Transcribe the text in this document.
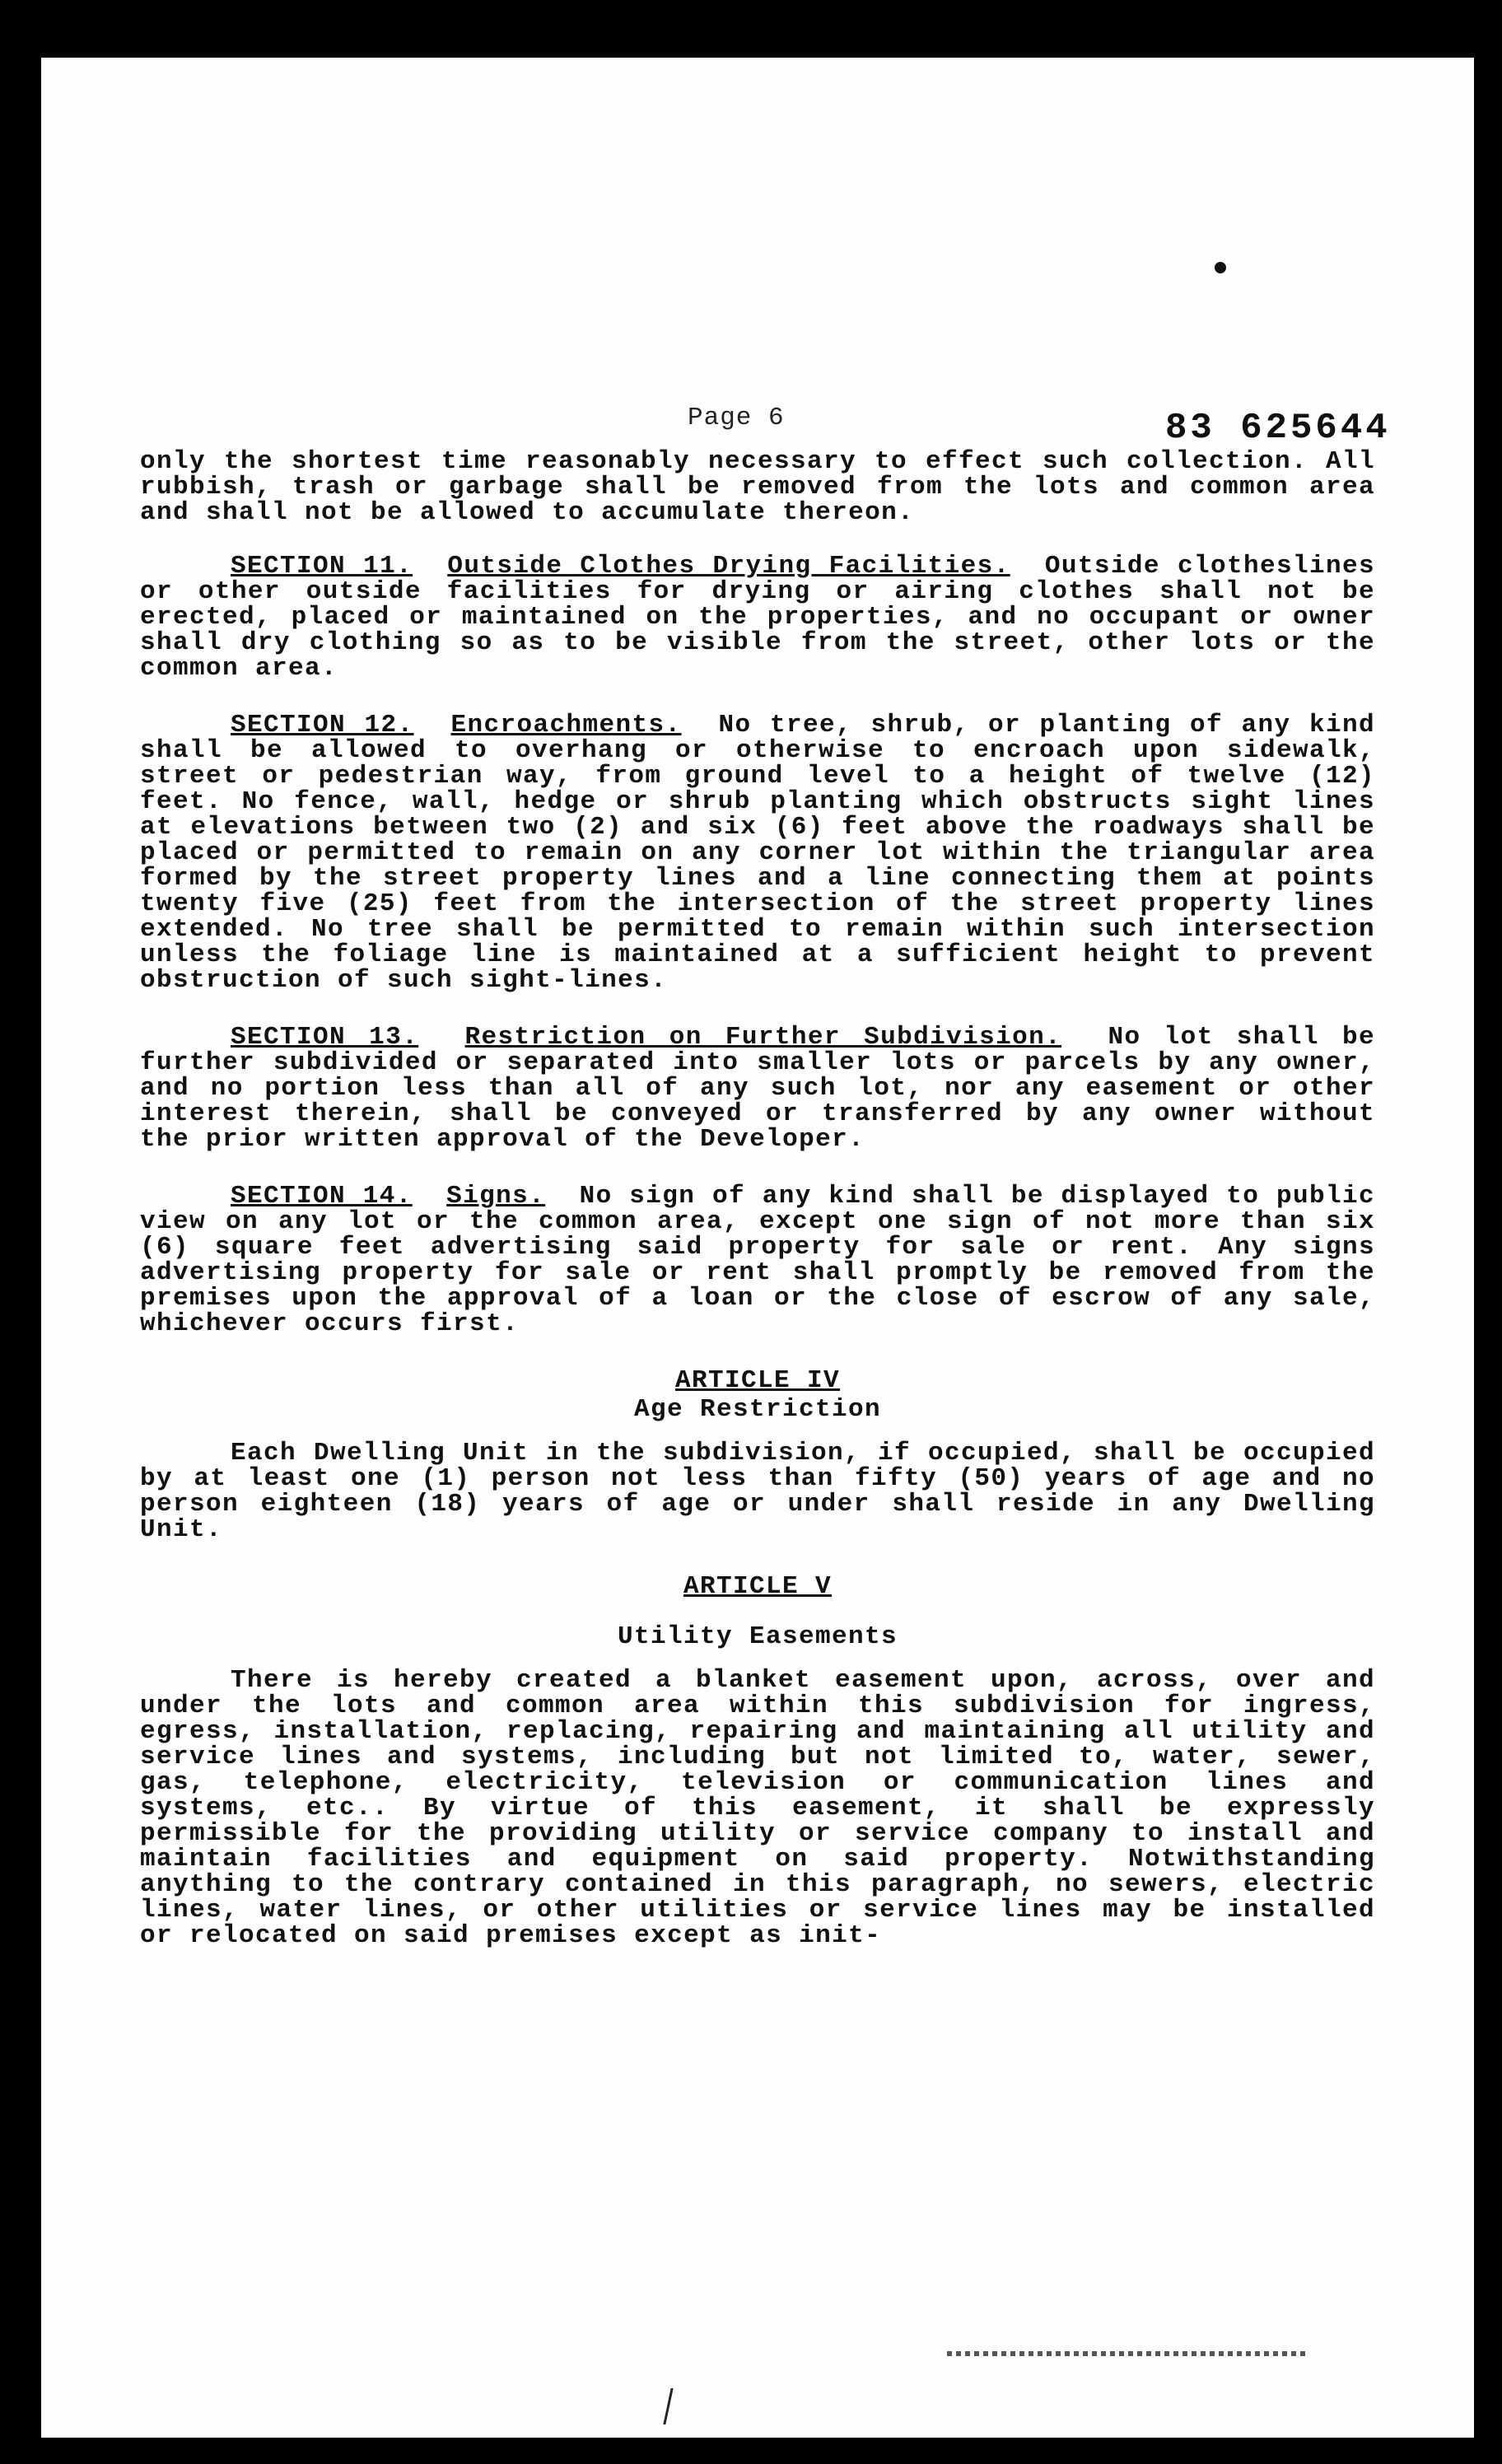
Page 6	83 625644

only the shortest time reasonably necessary to effect such collection. All rubbish, trash or garbage shall be removed from the lots and common area and shall not be allowed to accumulate thereon.

SECTION 11. Outside Clothes Drying Facilities. Outside clotheslines or other outside facilities for drying or airing clothes shall not be erected, placed or maintained on the properties, and no occupant or owner shall dry clothing so as to be visible from the street, other lots or the common area.

SECTION 12. Encroachments. No tree, shrub, or planting of any kind shall be allowed to overhang or otherwise to encroach upon sidewalk, street or pedestrian way, from ground level to a height of twelve (12) feet. No fence, wall, hedge or shrub planting which obstructs sight lines at elevations between two (2) and six (6) feet above the roadways shall be placed or permitted to remain on any corner lot within the triangular area formed by the street property lines and a line connecting them at points twenty five (25) feet from the intersection of the street property lines extended. No tree shall be permitted to remain within such intersection unless the foliage line is maintained at a sufficient height to prevent obstruction of such sight-lines.

SECTION 13. Restriction on Further Subdivision. No lot shall be further subdivided or separated into smaller lots or parcels by any owner, and no portion less than all of any such lot, nor any easement or other interest therein, shall be conveyed or transferred by any owner without the prior written approval of the Developer.

SECTION 14. Signs. No sign of any kind shall be displayed to public view on any lot or the common area, except one sign of not more than six (6) square feet advertising said property for sale or rent. Any signs advertising property for sale or rent shall promptly be removed from the premises upon the approval of a loan or the close of escrow of any sale, whichever occurs first.

ARTICLE IV
Age Restriction

Each Dwelling Unit in the subdivision, if occupied, shall be occupied by at least one (1) person not less than fifty (50) years of age and no person eighteen (18) years of age or under shall reside in any Dwelling Unit.

ARTICLE V
Utility Easements

There is hereby created a blanket easement upon, across, over and under the lots and common area within this subdivision for ingress, egress, installation, replacing, repairing and maintaining all utility and service lines and systems, including but not limited to, water, sewer, gas, telephone, electricity, television or communication lines and systems, etc.. By virtue of this easement, it shall be expressly permissible for the providing utility or service company to install and maintain facilities and equipment on said property. Notwithstanding anything to the contrary contained in this paragraph, no sewers, electric lines, water lines, or other utilities or service lines may be installed or relocated on said premises except as init-
